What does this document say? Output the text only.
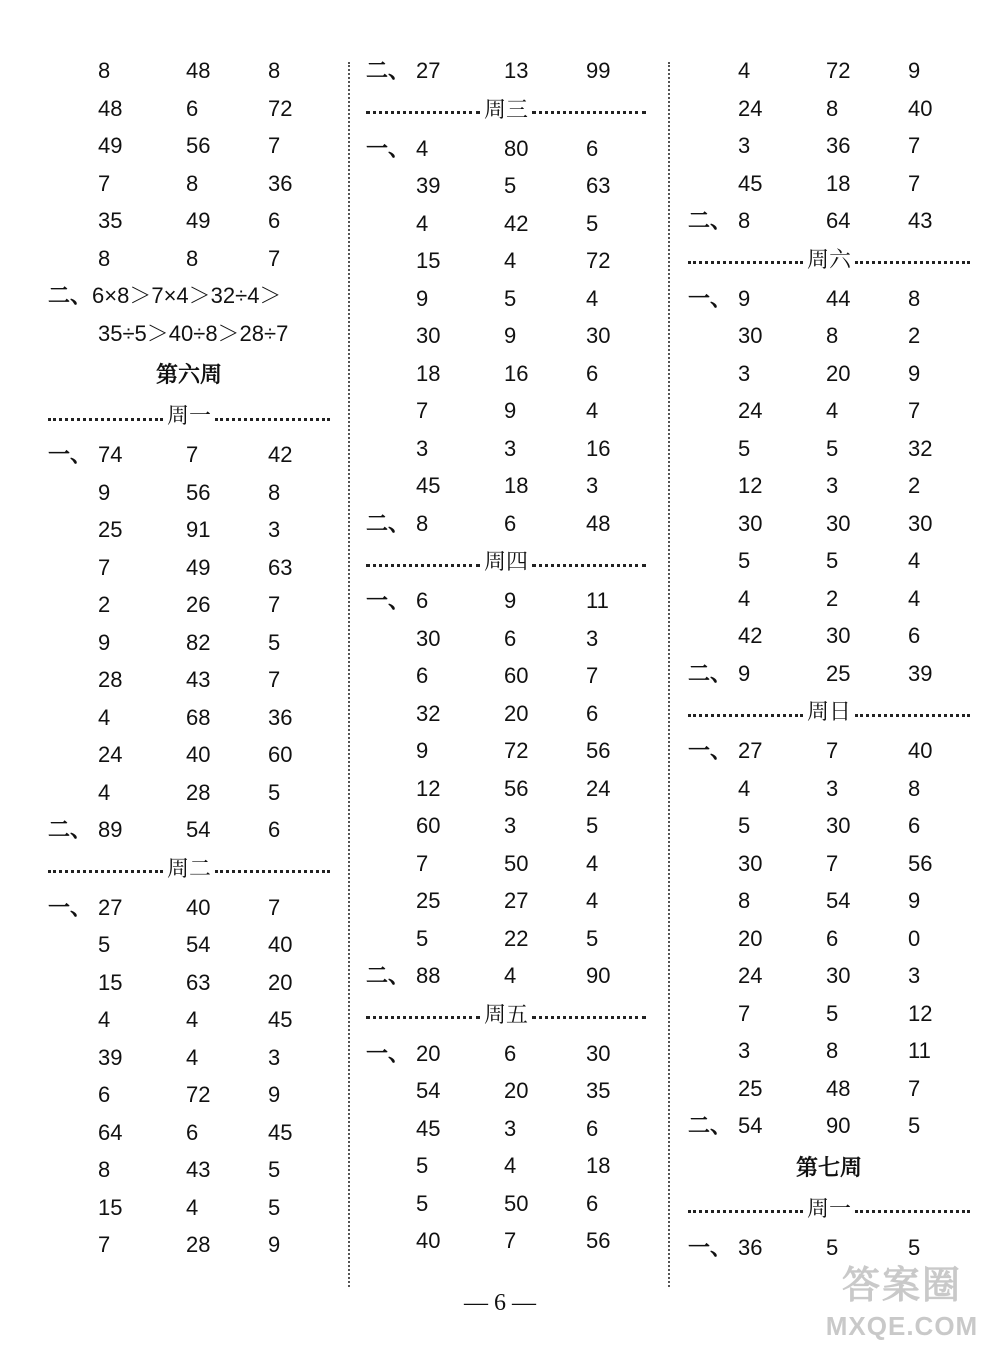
8	48	8
48	6	72
49	56	7
7	8	36
35	49	6
8	8	7
二、6×8＞7×4＞32÷4＞
35÷5＞40÷8＞28÷7
第六周
周一
一、 74	7	42
9	56	8
25	91	3
7	49	63
2	26	7
9	82	5
28	43	7
4	68	36
24	40	60
4	28	5
二、 89	54	6
周二
一、 27	40	7
5	54	40
15	63	20
4	4	45
39	4	3
6	72	9
64	6	45
8	43	5
15	4	5
7	28	9
二、 27	13	99
周三
一、 4	80	6
39	5	63
4	42	5
15	4	72
9	5	4
30	9	30
18	16	6
7	9	4
3	3	16
45	18	3
二、 8	6	48
周四
一、 6	9	11
30	6	3
6	60	7
32	20	6
9	72	56
12	56	24
60	3	5
7	50	4
25	27	4
5	22	5
二、 88	4	90
周五
一、 20	6	30
54	20	35
45	3	6
5	4	18
5	50	6
40	7	56
4	72	9
24	8	40
3	36	7
45	18	7
二、 8	64	43
周六
一、 9	44	8
30	8	2
3	20	9
24	4	7
5	5	32
12	3	2
30	30	30
5	5	4
4	2	4
42	30	6
二、 9	25	39
周日
一、 27	7	40
4	3	8
5	30	6
30	7	56
8	54	9
20	6	0
24	30	3
7	5	12
3	8	11
25	48	7
二、 54	90	5
第七周
周一
一、 36	5	5
— 6 —	答案圈
MXQE.COM
